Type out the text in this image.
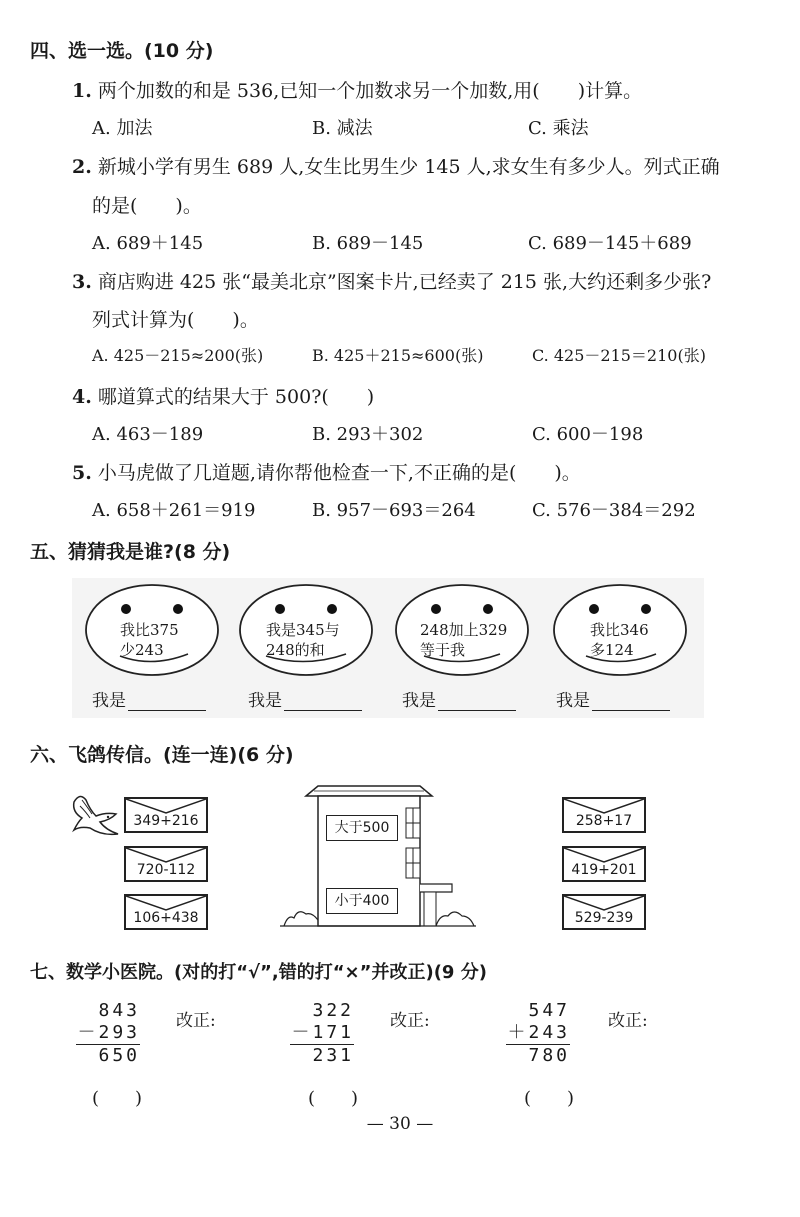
四、选一选。(10 分)
1. 两个加数的和是 536,已知一个加数求另一个加数,用(　　)计算。
A. 加法	B. 减法	C. 乘法
2. 新城小学有男生 689 人,女生比男生少 145 人,求女生有多少人。列式正确
的是(　　)。
A. 689＋145	B. 689－145	C. 689－145＋689
3. 商店购进 425 张“最美北京”图案卡片,已经卖了 215 张,大约还剩多少张?
列式计算为(　　)。
A. 425－215≈200(张)	B. 425＋215≈600(张)	C. 425－215＝210(张)
4. 哪道算式的结果大于 500?(　　)
A. 463－189	B. 293＋302	C. 600－198
5. 小马虎做了几道题,请你帮他检查一下,不正确的是(　　)。
A. 658＋261＝919	B. 957－693＝264	C. 576－384＝292
五、猜猜我是谁?(8 分)
我比375
少243
我是345与
248的和
248加上329
等于我
我比346
多124
我是	我是	我是	我是
六、飞鸽传信。(连一连)(6 分)
349+216
720-112
106+438
大于500
小于400
258+17
419+201
529-239
七、数学小医院。(对的打“√”,错的打“×”并改正)(9 分)
843
－293
650
改正:
(　　)
322
－171
231
改正:
(　　)
547
＋243
780
改正:
(　　)
— 30 —
